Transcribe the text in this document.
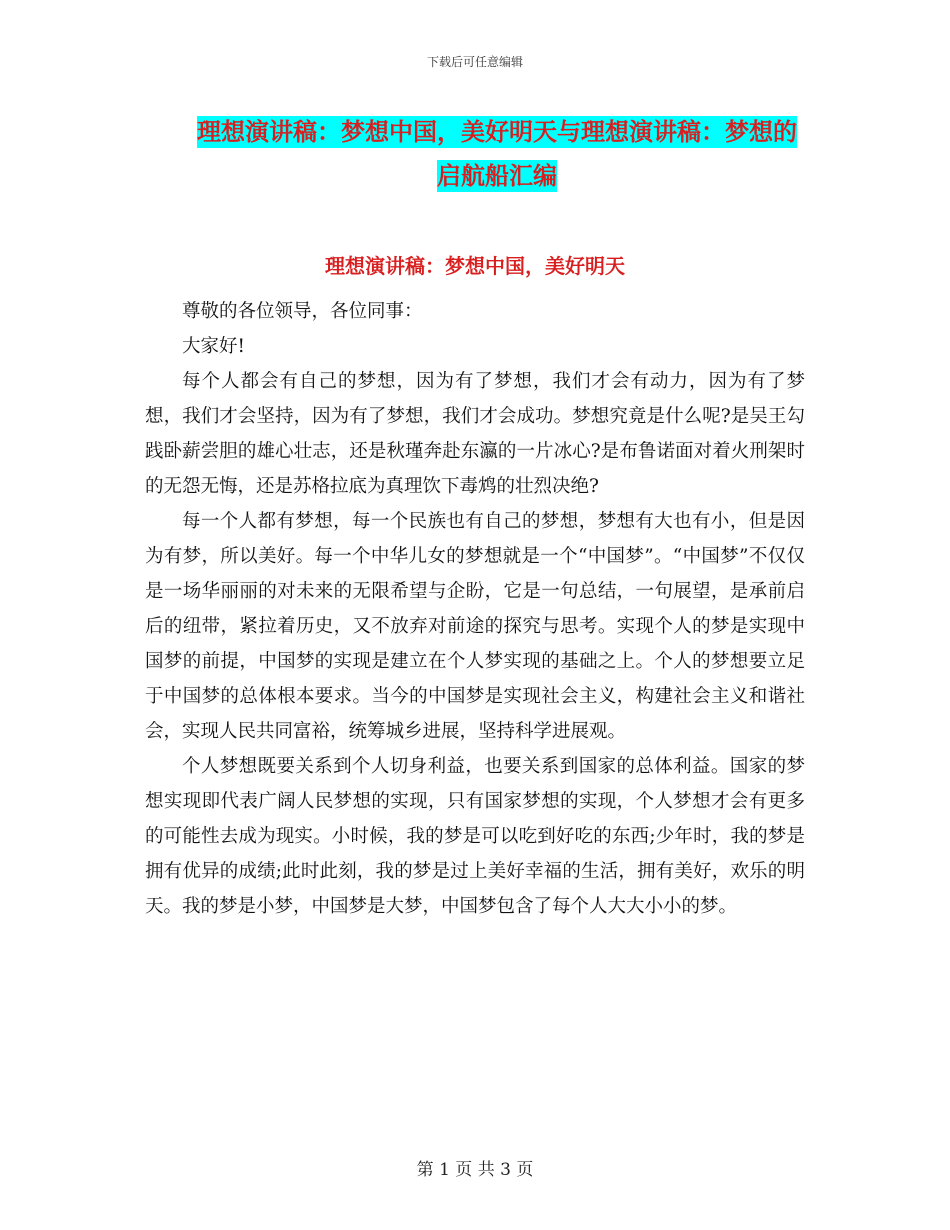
下载后可任意编辑
理想演讲稿：梦想中国，美好明天与理想演讲稿：梦想的启航船汇编
理想演讲稿：梦想中国，美好明天

尊敬的各位领导，各位同事：

大家好!

每个人都会有自己的梦想，因为有了梦想，我们才会有动力，因为有了梦想，我们才会坚持，因为有了梦想，我们才会成功。梦想究竟是什么呢?是吴王勾践卧薪尝胆的雄心壮志，还是秋瑾奔赴东瀛的一片冰心?是布鲁诺面对着火刑架时的无怨无悔，还是苏格拉底为真理饮下毒鸩的壮烈决绝?

每一个人都有梦想，每一个民族也有自己的梦想，梦想有大也有小，但是因为有梦，所以美好。每一个中华儿女的梦想就是一个“中国梦”。“中国梦”不仅仅是一场华丽丽的对未来的无限希望与企盼，它是一句总结，一句展望，是承前启后的纽带，紧拉着历史，又不放弃对前途的探究与思考。实现个人的梦是实现中国梦的前提，中国梦的实现是建立在个人梦实现的基础之上。个人的梦想要立足于中国梦的总体根本要求。当今的中国梦是实现社会主义，构建社会主义和谐社会，实现人民共同富裕，统筹城乡进展，坚持科学进展观。

个人梦想既要关系到个人切身利益，也要关系到国家的总体利益。国家的梦想实现即代表广阔人民梦想的实现，只有国家梦想的实现，个人梦想才会有更多的可能性去成为现实。小时候，我的梦是可以吃到好吃的东西;少年时，我的梦是拥有优异的成绩;此时此刻，我的梦是过上美好幸福的生活，拥有美好，欢乐的明天。我的梦是小梦，中国梦是大梦，中国梦包含了每个人大大小小的梦。

第 1 页 共 3 页
